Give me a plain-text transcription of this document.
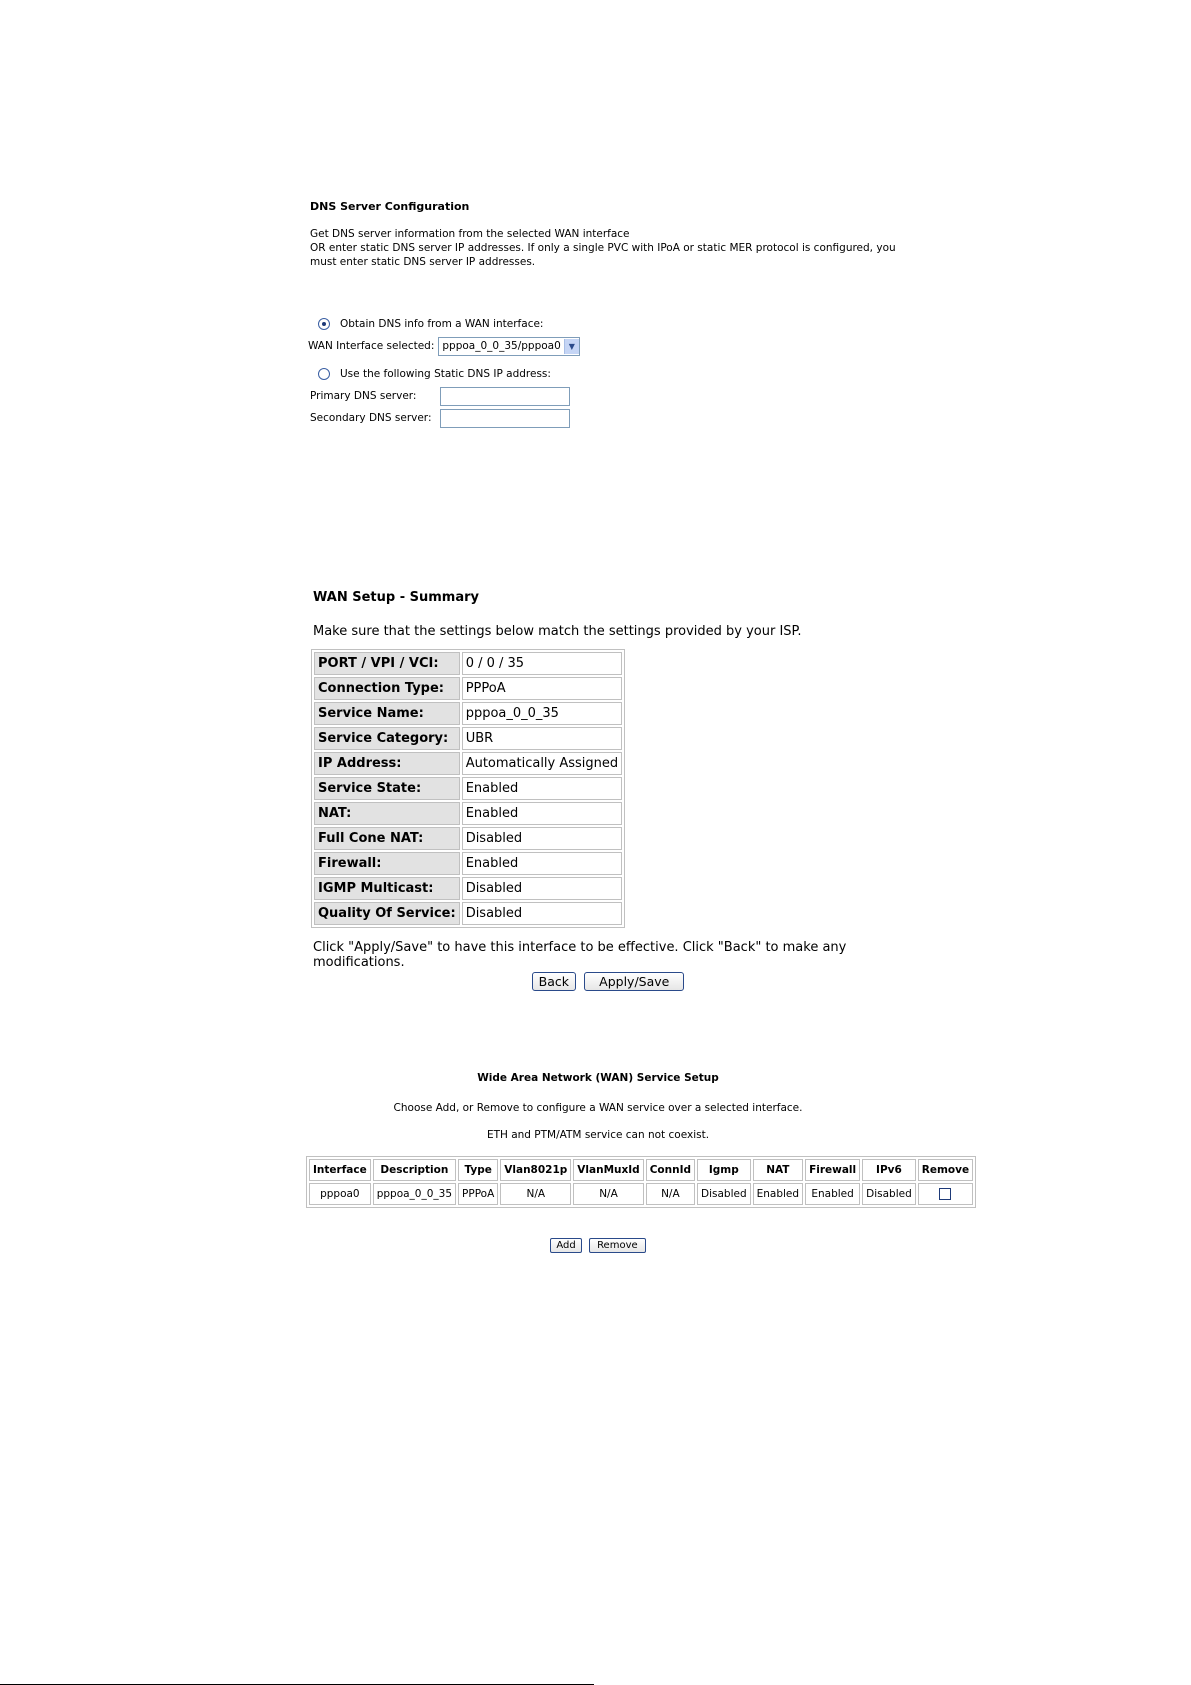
DNS Server Configuration
Get DNS server information from the selected WAN interface
OR enter static DNS server IP addresses. If only a single PVC with IPoA or static MER protocol is configured, you
must enter static DNS server IP addresses.
Obtain DNS info from a WAN interface:
WAN Interface selected: pppoa_0_0_35/pppoa0 ▼
Use the following Static DNS IP address:
Primary DNS server:
Secondary DNS server:
WAN Setup - Summary
Make sure that the settings below match the settings provided by your ISP.
PORT / VPI / VCI:	0 / 0 / 35
Connection Type:	PPPoA
Service Name:	pppoa_0_0_35
Service Category:	UBR
IP Address:	Automatically Assigned
Service State:	Enabled
NAT:	Enabled
Full Cone NAT:	Disabled
Firewall:	Enabled
IGMP Multicast:	Disabled
Quality Of Service:	Disabled
Click "Apply/Save" to have this interface to be effective. Click "Back" to make any modifications.
Back Apply/Save
Wide Area Network (WAN) Service Setup
Choose Add, or Remove to configure a WAN service over a selected interface.
ETH and PTM/ATM service can not coexist.
Interface	Description	Type	Vlan8021p	VlanMuxId	ConnId	Igmp	NAT	Firewall	IPv6	Remove
pppoa0	pppoa_0_0_35	PPPoA	N/A	N/A	N/A	Disabled	Enabled	Enabled	Disabled	
Add Remove
